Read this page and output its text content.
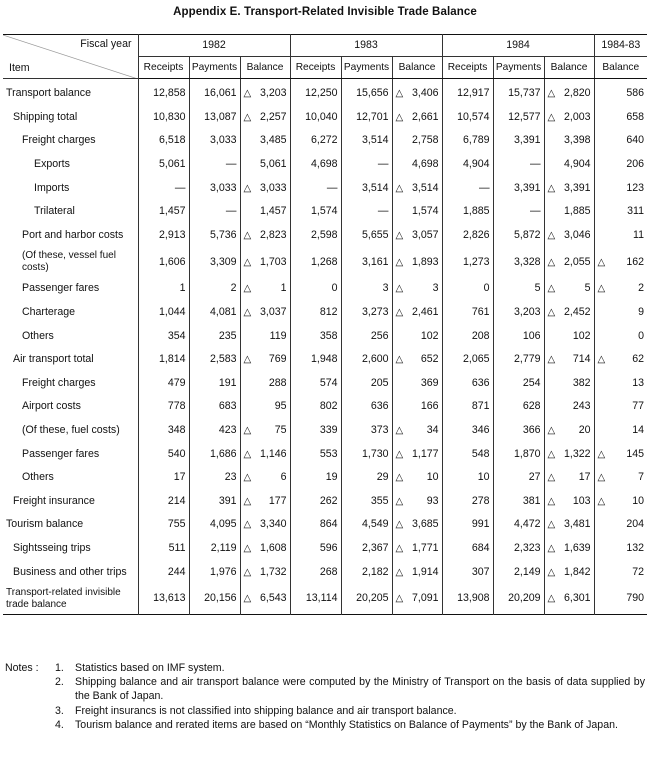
Appendix E. Transport-Related Invisible Trade Balance
Fiscal year
Item	1982			1983			1984			1984-83
	Receipts	Payments	Balance	Receipts	Payments	Balance	Receipts	Payments	Balance	Balance
Transport balance	12,858	16,061	△ 3,203	12,250	15,656	△ 3,406	12,917	15,737	△ 2,820	586
Shipping total	10,830	13,087	△ 2,257	10,040	12,701	△ 2,661	10,574	12,577	△ 2,003	658
Freight charges	6,518	3,033	3,485	6,272	3,514	2,758	6,789	3,391	3,398	640
Exports	5,061	—	5,061	4,698	—	4,698	4,904	—	4,904	206
Imports	—	3,033	△ 3,033	—	3,514	△ 3,514	—	3,391	△ 3,391	123
Trilateral	1,457	—	1,457	1,574	—	1,574	1,885	—	1,885	311
Port and harbor costs	2,913	5,736	△ 2,823	2,598	5,655	△ 3,057	2,826	5,872	△ 3,046	11
(Of these, vessel fuel costs)	1,606	3,309	△ 1,703	1,268	3,161	△ 1,893	1,273	3,328	△ 2,055	△ 162
Passenger fares	1	2	△ 1	0	3	△ 3	0	5	△ 5	△ 2
Charterage	1,044	4,081	△ 3,037	812	3,273	△ 2,461	761	3,203	△ 2,452	9
Others	354	235	119	358	256	102	208	106	102	0
Air transport total	1,814	2,583	△ 769	1,948	2,600	△ 652	2,065	2,779	△ 714	△ 62
Freight charges	479	191	288	574	205	369	636	254	382	13
Airport costs	778	683	95	802	636	166	871	628	243	77
(Of these, fuel costs)	348	423	△ 75	339	373	△ 34	346	366	△ 20	14
Passenger fares	540	1,686	△ 1,146	553	1,730	△ 1,177	548	1,870	△ 1,322	△ 145
Others	17	23	△ 6	19	29	△ 10	10	27	△ 17	△ 7
Freight insurance	214	391	△ 177	262	355	△ 93	278	381	△ 103	△ 10
Tourism balance	755	4,095	△ 3,340	864	4,549	△ 3,685	991	4,472	△ 3,481	204
Sightsseing trips	511	2,119	△ 1,608	596	2,367	△ 1,771	684	2,323	△ 1,639	132
Business and other trips	244	1,976	△ 1,732	268	2,182	△ 1,914	307	2,149	△ 1,842	72
Transport-related invisible trade balance	13,613	20,156	△ 6,543	13,114	20,205	△ 7,091	13,908	20,209	△ 6,301	790
Notes : 1. Statistics based on IMF system.
2. Shipping balance and air transport balance were computed by the Ministry of Transport on the basis of data supplied by the Bank of Japan.
3. Freight insurancs is not classified into shipping balance and air transport balance.
4. Tourism balance and rerated items are based on “Monthly Statistics on Balance of Payments” by the Bank of Japan.
